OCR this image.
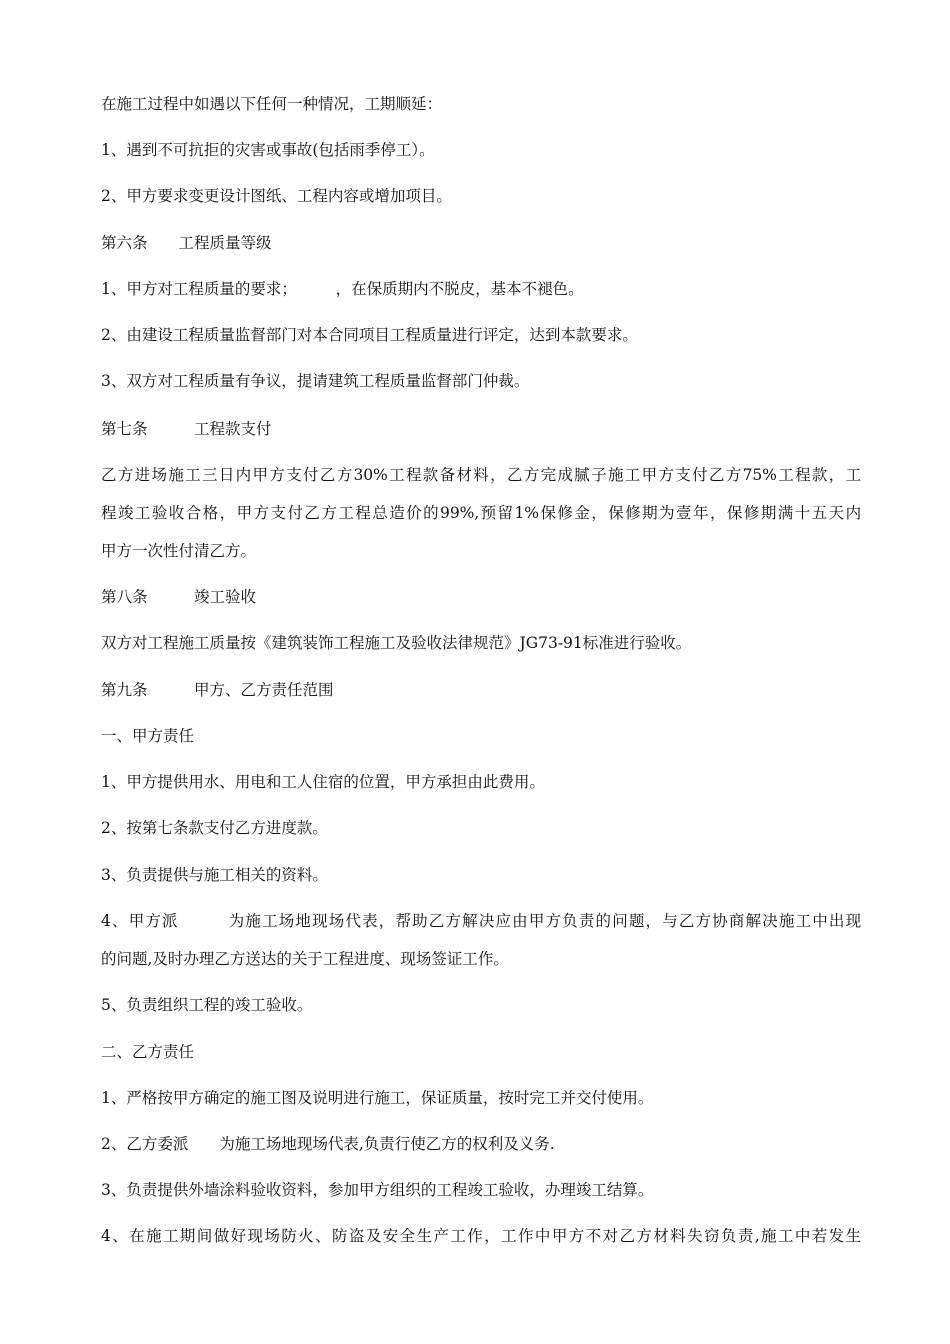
在施工过程中如遇以下任何一种情况，工期顺延：
1、遇到不可抗拒的灾害或事故(包括雨季停工）。
2、甲方要求变更设计图纸、工程内容或增加项目。
第六条　　工程质量等级
1、甲方对工程质量的要求；　　　，在保质期内不脱皮，基本不褪色。
2、由建设工程质量监督部门对本合同项目工程质量进行评定，达到本款要求。
3、双方对工程质量有争议，提请建筑工程质量监督部门仲裁。
第七条　　　工程款支付
乙方进场施工三日内甲方支付乙方30%工程款备材料，乙方完成腻子施工甲方支付乙方75%工程款，工
程竣工验收合格，甲方支付乙方工程总造价的99%,预留1%保修金，保修期为壹年，保修期满十五天内
甲方一次性付清乙方。
第八条　　　竣工验收
双方对工程施工质量按《建筑装饰工程施工及验收法律规范》JG73-91标准进行验收。
第九条　　　甲方、乙方责任范围
一、甲方责任
1、甲方提供用水、用电和工人住宿的位置，甲方承担由此费用。
2、按第七条款支付乙方进度款。
3、负责提供与施工相关的资料。
4、甲方派　　　为施工场地现场代表，帮助乙方解决应由甲方负责的问题，与乙方协商解决施工中出现
的问题,及时办理乙方送达的关于工程进度、现场签证工作。
5、负责组织工程的竣工验收。
二、乙方责任
1、严格按甲方确定的施工图及说明进行施工，保证质量，按时完工并交付使用。
2、乙方委派　　为施工场地现场代表,负责行使乙方的权利及义务.
3、负责提供外墙涂料验收资料，参加甲方组织的工程竣工验收，办理竣工结算。
4、在施工期间做好现场防火、防盗及安全生产工作，工作中甲方不对乙方材料失窃负责,施工中若发生
